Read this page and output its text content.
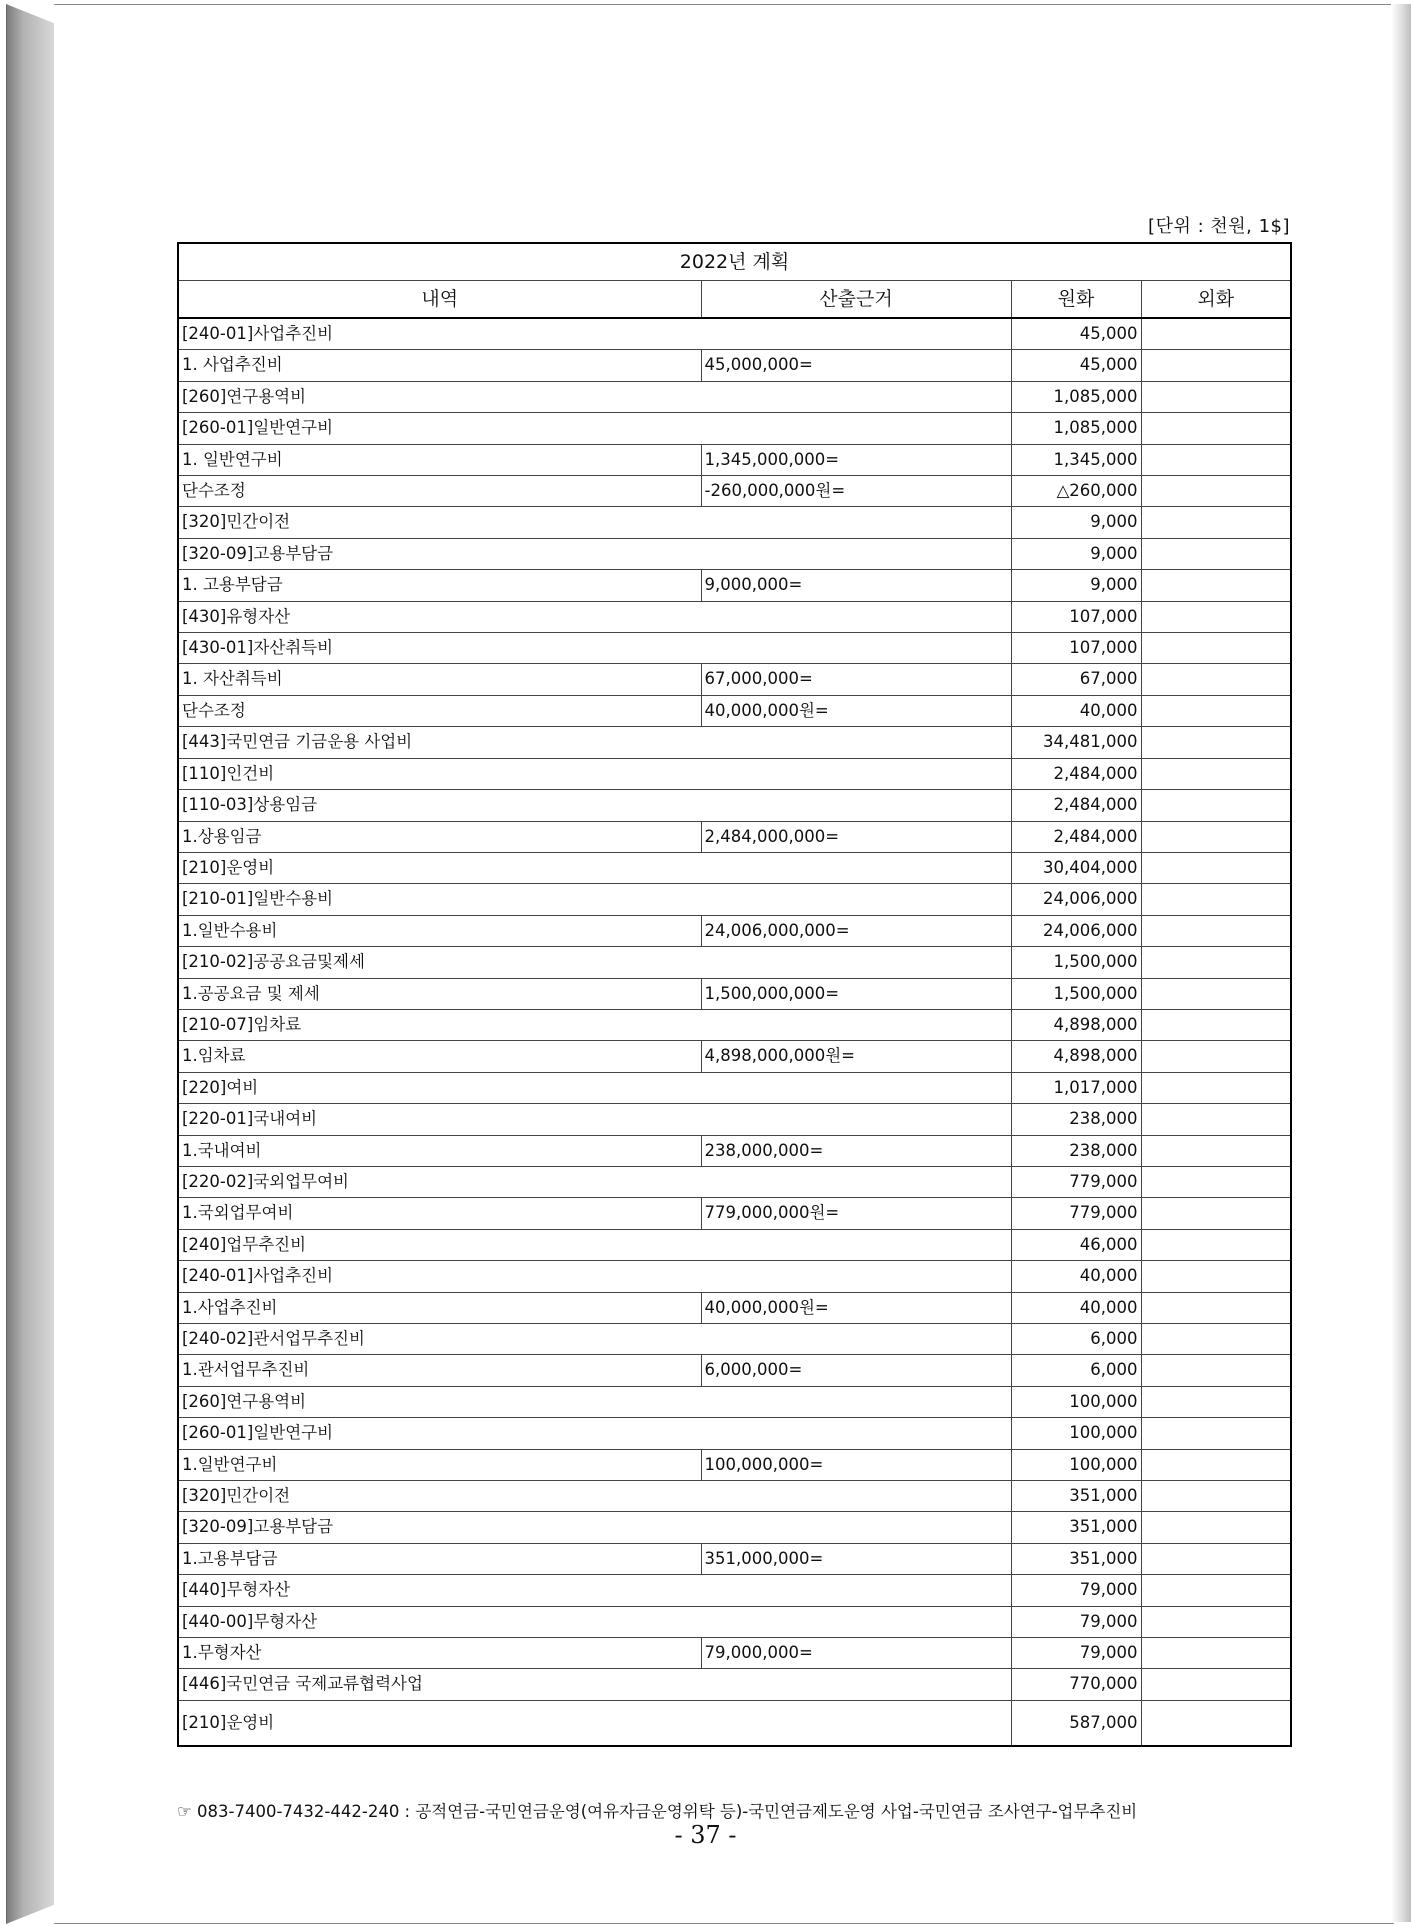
[단위 : 천원, 1$]
2022년 계획			
내역	산출근거	원화	외화
[240-01]사업추진비		45,000	
1. 사업추진비	45,000,000=	45,000	
[260]연구용역비		1,085,000	
[260-01]일반연구비		1,085,000	
1. 일반연구비	1,345,000,000=	1,345,000	
단수조정	-260,000,000원=	△260,000	
[320]민간이전		9,000	
[320-09]고용부담금		9,000	
1. 고용부담금	9,000,000=	9,000	
[430]유형자산		107,000	
[430-01]자산취득비		107,000	
1. 자산취득비	67,000,000=	67,000	
단수조정	40,000,000원=	40,000	
[443]국민연금 기금운용 사업비		34,481,000	
[110]인건비		2,484,000	
[110-03]상용임금		2,484,000	
1.상용임금	2,484,000,000=	2,484,000	
[210]운영비		30,404,000	
[210-01]일반수용비		24,006,000	
1.일반수용비	24,006,000,000=	24,006,000	
[210-02]공공요금및제세		1,500,000	
1.공공요금 및 제세	1,500,000,000=	1,500,000	
[210-07]임차료		4,898,000	
1.임차료	4,898,000,000원=	4,898,000	
[220]여비		1,017,000	
[220-01]국내여비		238,000	
1.국내여비	238,000,000=	238,000	
[220-02]국외업무여비		779,000	
1.국외업무여비	779,000,000원=	779,000	
[240]업무추진비		46,000	
[240-01]사업추진비		40,000	
1.사업추진비	40,000,000원=	40,000	
[240-02]관서업무추진비		6,000	
1.관서업무추진비	6,000,000=	6,000	
[260]연구용역비		100,000	
[260-01]일반연구비		100,000	
1.일반연구비	100,000,000=	100,000	
[320]민간이전		351,000	
[320-09]고용부담금		351,000	
1.고용부담금	351,000,000=	351,000	
[440]무형자산		79,000	
[440-00]무형자산		79,000	
1.무형자산	79,000,000=	79,000	
[446]국민연금 국제교류협력사업		770,000	
[210]운영비		587,000	
☞ 083-7400-7432-442-240 : 공적연금-국민연금운영(여유자금운영위탁 등)-국민연금제도운영 사업-국민연금 조사연구-업무추진비
- 37 -
